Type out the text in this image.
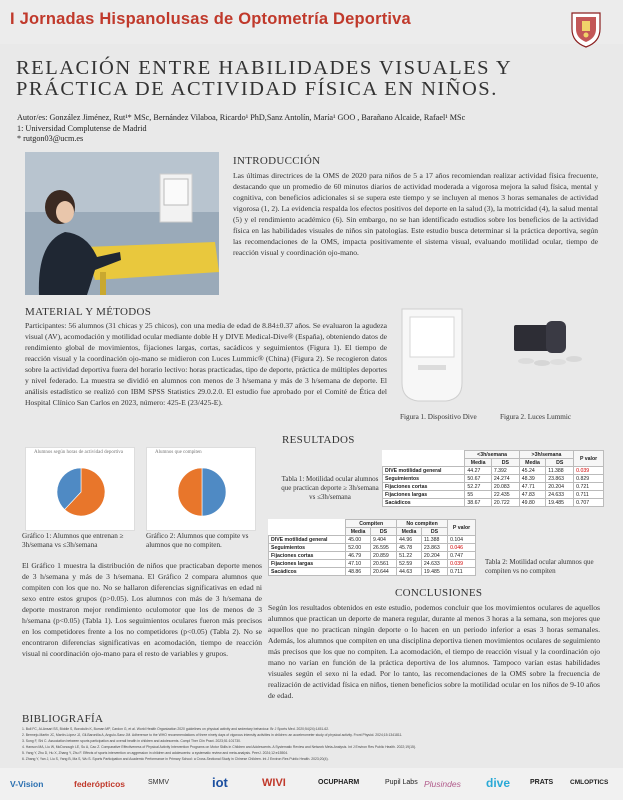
I Jornadas Hispanolusas de Optometría Deportiva
RELACIÓN ENTRE HABILIDADES VISUALES Y
PRÁCTICA DE ACTIVIDAD FÍSICA EN NIÑOS.
Autor/es: González Jiménez, Rut¹* MSc, Bernández Vilaboa, Ricardo¹ PhD,Sanz Antolín, María¹ GOO , Barañano Alcaide, Rafael¹ MSc
1: Universidad Complutense de Madrid
* rutgon03@ucm.es
INTRODUCCIÓN
Las últimas directrices de la OMS de 2020 para niños de 5 a 17 años recomiendan realizar actividad física frecuente, destacando que un promedio de 60 minutos diarios de actividad moderada a vigorosa mejora la salud física, mental y cognitiva, con beneficios adicionales si se supera este tiempo y se incluyen al menos 3 horas semanales de actividad vigorosa (1, 2). La evidencia respalda los efectos positivos del deporte en la salud (3), la motricidad (4), la salud mental (5) y el rendimiento académico (6). Sin embargo, no se han identificado estudios sobre los beneficios de la actividad física en las habilidades visuales de niños sin patologías. Este estudio busca determinar si la práctica deportiva, según las recomendaciones de la OMS, impacta positivamente el sistema visual, evaluando motilidad ocular, tiempo de reacción visual y coordinación ojo-mano.
MATERIAL Y MÉTODOS
Participantes: 56 alumnos (31 chicas y 25 chicos), con una media de edad de 8.84±0.37 años. Se evaluaron la agudeza visual (AV), acomodación y motilidad ocular mediante doble H y DIVE Medical-Dive® (España), obteniendo datos de rendimiento global de movimientos, fijaciones largas, cortas, sacádicos y seguimientos (Figura 1). El tiempo de reacción visual y la coordinación ojo-mano se midieron con Luces Lummic® (China) (Figura 2). Se recogieron datos sobre la actividad deportiva fuera del horario lectivo: horas practicadas, tipo de deporte, práctica de múltiples deportes y nivel federado. La muestra se dividió en alumnos con menos de 3 h/semana y más de 3 h/semana de deporte. El análisis estadístico se realizó con IBM SPSS Statistics 29.0.2.0. El estudio fue aprobado por el Comité de Ética del Hospital Clínico San Carlos en 2023, número: 425-E (23/425-E).
Figura 1. Dispositivo Dive	Figura 2. Luces Lummic
RESULTADOS
	<3h/semana		>3h/semana		P valor
	Media	DS	Media	DS	
DIVE motilidad general	44.27	7.392	45.24	11.388	0.039
Seguimientos	50.67	24.274	48.39	23.863	0.829
Fijaciones cortas	52.27	20.083	47.71	20.204	0.721
Fijaciones largas	55	22.435	47.83	24.633	0.711
Sacádicos	38.67	20.722	49.80	19.485	0.707
Tabla 1: Motilidad ocular alumnos que practican deporte ≥ 3h/semana vs ≤3h/semana
Alumnos según horas de actividad deportiva	Alumnos que compiten
Gráfico 1: Alumnos que entrenan ≥ 3h/semana vs ≤3h/semana
Gráfico 2: Alumnos que compite vs alumnos que no compiten.
	Compiten		No compiten		P valor
	Media	DS	Media	DS	
DIVE motilidad general	45.00	9.404	44.96	11.388	0.104
Seguimientos	52.00	26.595	45.78	23.863	0.046
Fijaciones cortas	46.79	20.859	51.22	20.204	0.747
Fijaciones largas	47.10	20.561	52.59	24.633	0.039
Sacádicos	48.86	20.644	44.63	19.485	0.711
Tabla 2: Motilidad ocular alumnos que compiten vs no compiten
El Gráfico 1 muestra la distribución de niños que practicaban deporte menos de 3 h/semana y más de 3 h/semana. El Gráfico 2 compara alumnos que compiten con los que no. No se hallaron diferencias significativas en edad ni sexo entre estos grupos (p>0.05). Los alumnos con más de 3 h/semana de deporte mostraron mejor rendimiento oculomotor que los de menos de 3 h/semana (p<0.05) (Tabla 1). Los seguimientos oculares fueron más precisos en los competidores frente a los no competidores (p<0.05) (Tabla 2). No se encontraron diferencias significativas en acomodación, tiempo de reacción visual ni coordinación ojo-mano para el resto de variables y grupos.
CONCLUSIONES
Según los resultados obtenidos en este estudio, podemos concluir que los movimientos oculares de aquellos alumnos que practican un deporte de manera regular, durante al menos 3 horas a la semana, son mejores que aquellos que no practican ningún deporte o lo hacen en un periodo inferior a esas 3 horas semanales. Además, los alumnos que compiten en una disciplina deportiva tienen movimientos oculares de seguimiento más precisos que los que no compiten. La acomodación, el tiempo de reacción visual y la coordinación ojo mano no varían en función de la práctica deportiva de los alumnos. Tampoco varían estas habilidades visuales según el sexo ni la edad. Por lo tanto, las recomendaciones de la OMS sobre la frecuencia de realización de actividad física en niños, tienen beneficios sobre la motilidad ocular en los niños de 9-10 años de edad.
BIBLIOGRAFÍA
1. Bull FC, Al-Ansari SS, Biddle S, Borodulin K, Buman MP, Cardon G, et al. World Health Organization 2020 guidelines on physical activity and sedentary behaviour. Br J Sports Med. 2020;54(24):1451-62.
2. Bermejo-Martin JC, Martín-López JJ, Gil-Baronilla A, Angulo-Sanz JM. Adherence to the WHO recommendations of three ninety days of vigorous intensity activities in children: an accelerometer study of physical activity. Front Physiol. 2024;15:1341811.
3. Song F, Shi C. Association between sports participation and overall health in children and adolescents. Compl Ther Clin Pract. 2023;51:101730.
4. Hanson MA, Liu W, McDonough LE, Su A, Cao Z. Comparative Effectiveness of Physical Activity Intervention Programs on Motor Skills in Children and Adolescents. A Systematic Review and Network Meta-Analysis. Int J Environ Res Public Health. 2022;19(15).
5. Yang Y, Zhu D, Hu X, Zhang Y, Zhu F. Effects of sports intervention on aggression in children and adolescents: a systematic review and meta-analysis. PeerJ. 2024;12:e15504.
6. Zhang Y, Yan J, Liu S, Yang B, Ma S, Wu S. Sports Participation and Academic Performance in Primary School: a Cross-Sectional Study in Chinese Children. Int J Environ Res Public Health. 2023;20(4).
V-Vision	federópticos	SMMV	iot	WIVI	OCUPHARM	Pupil Labs Plusindes dive	PRATS	CMLOPTICS
